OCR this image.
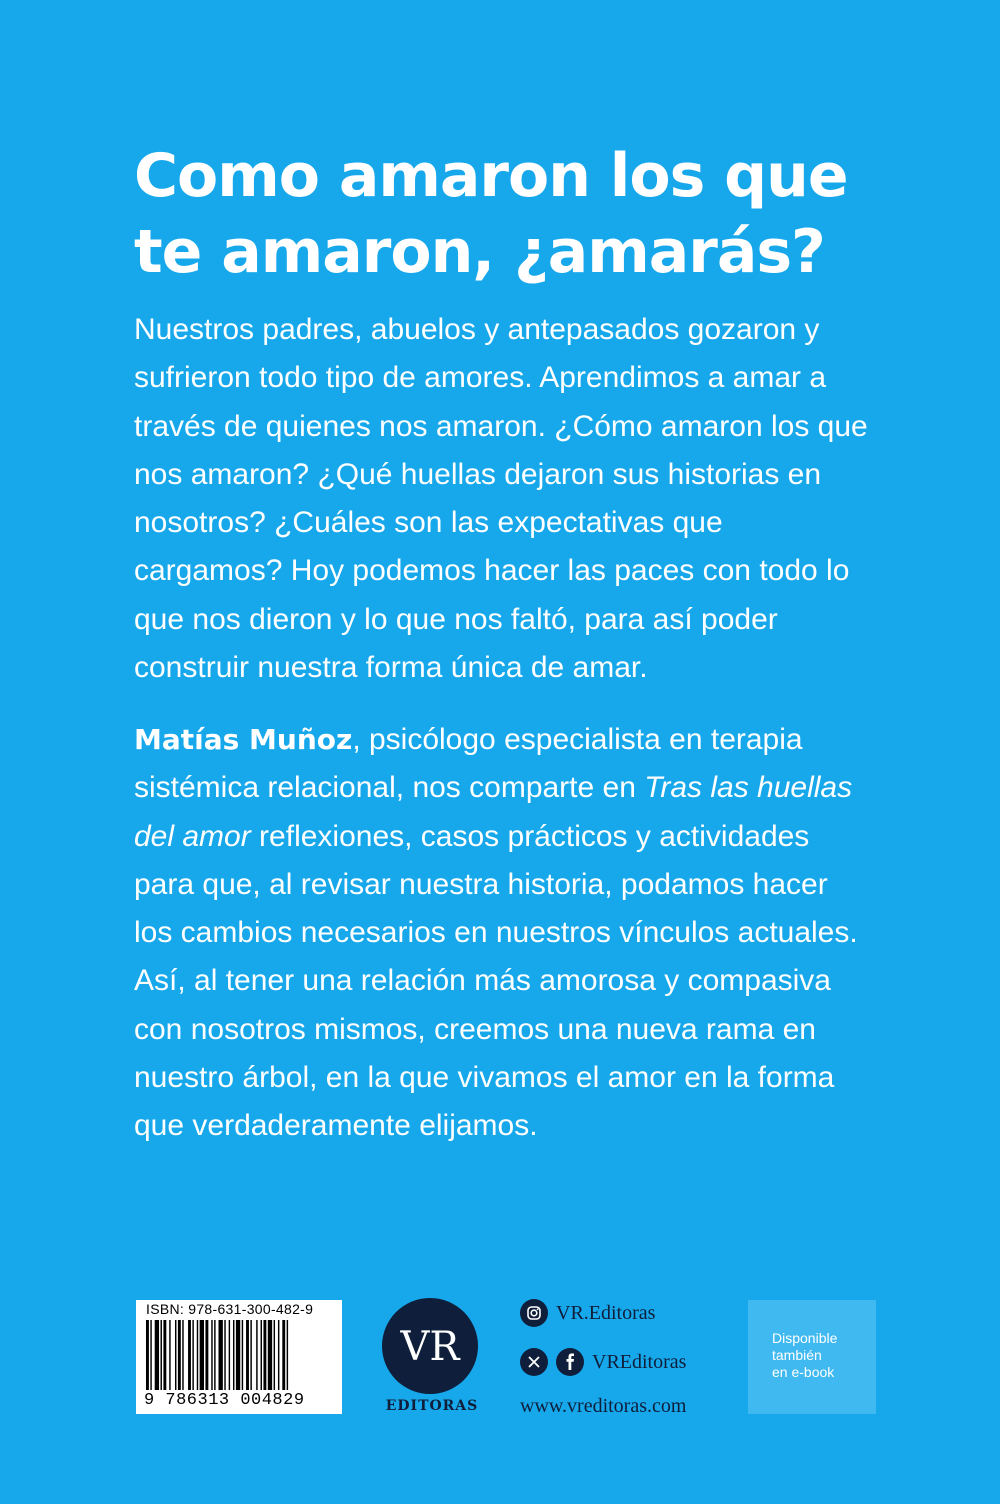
Como amaron los que
te amaron, ¿amarás?

Nuestros padres, abuelos y antepasados gozaron y sufrieron todo tipo de amores. Aprendimos a amar a través de quienes nos amaron. ¿Cómo amaron los que nos amaron? ¿Qué huellas dejaron sus historias en nosotros? ¿Cuáles son las expectativas que cargamos? Hoy podemos hacer las paces con todo lo que nos dieron y lo que nos faltó, para así poder construir nuestra forma única de amar.

Matías Muñoz, psicólogo especialista en terapia sistémica relacional, nos comparte en Tras las huellas del amor reflexiones, casos prácticos y actividades para que, al revisar nuestra historia, podamos hacer los cambios necesarios en nuestros vínculos actuales. Así, al tener una relación más amorosa y compasiva con nosotros mismos, creemos una nueva rama en nuestro árbol, en la que vivamos el amor en la forma que verdaderamente elijamos.

ISBN: 978-631-300-482-9
9 786313 004829
VR
EDITORAS
VR.Editoras
VREditoras
www.vreditoras.com
Disponible
también
en e-book
